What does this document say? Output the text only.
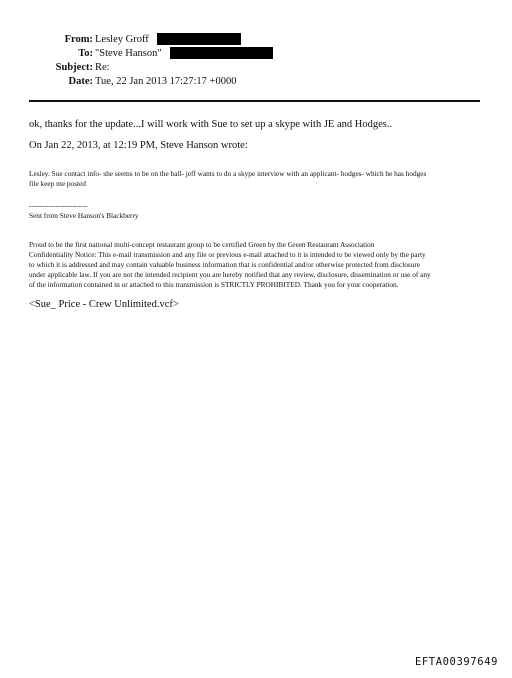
From: Lesley Groff
To: "Steve Hanson"
Subject: Re:
Date: Tue, 22 Jan 2013 17:27:17 +0000
ok, thanks for the update...I will work with Sue to set up a skype with JE and Hodges..
On Jan 22, 2013, at 12:19 PM, Steve Hanson wrote:
Lesley. Sue contact info- she seems to be on the ball- jeff wants to do a skype interview with an applicant- hodges- which he has hodges
file keep me posted
------------------------
Sent from Steve Hanson's Blackberry
Proud to be the first national multi-concept restaurant group to be certified Green by the Green Restaurant Association
Confidentiality Notice: This e-mail transmission and any file or previous e-mail attached to it is intended to be viewed only by the party
to which it is addressed and may contain valuable business information that is confidential and/or otherwise protected from disclosure
under applicable law. If you are not the intended recipient you are hereby notified that any review, disclosure, dissemination or use of any
of the information contained in or attached to this transmission is STRICTLY PROHIBITED. Thank you for your cooperation.
<Sue_ Price - Crew Unlimited.vcf>
EFTA00397649
